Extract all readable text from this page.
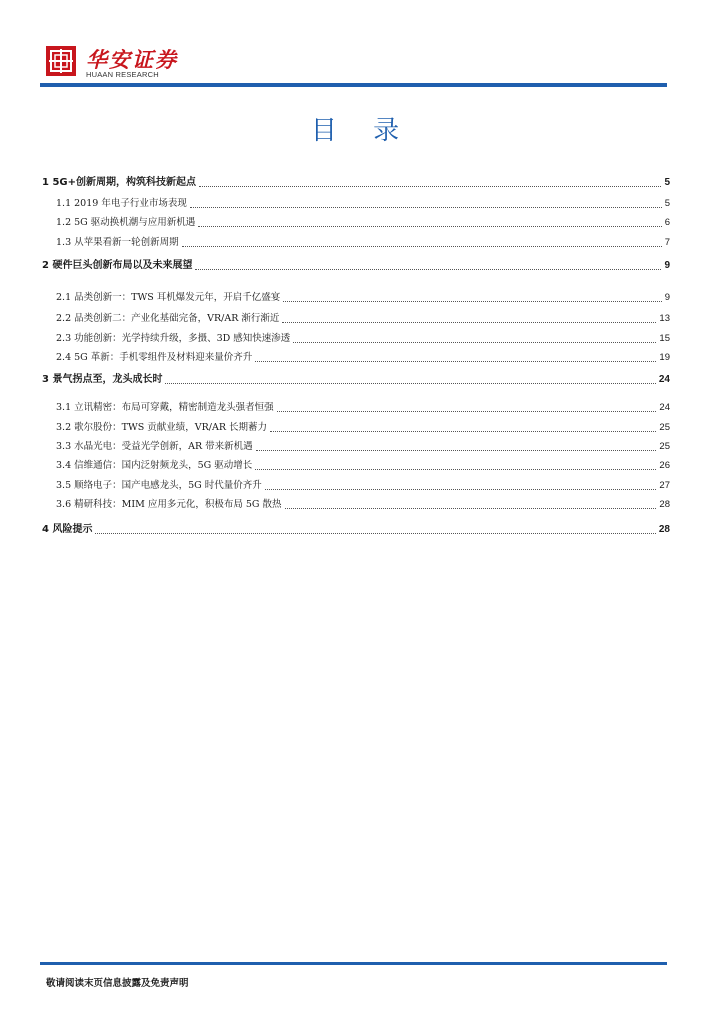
华安证券
HUAAN RESEARCH
目 录
1 5G+创新周期，构筑科技新起点	5
1.1 2019 年电子行业市场表现	5
1.2 5G 驱动换机潮与应用新机遇	6
1.3 从苹果看新一轮创新周期	7
2 硬件巨头创新布局以及未来展望	9
2.1 品类创新一：TWS 耳机爆发元年，开启千亿盛宴	9
2.2 品类创新二：产业化基础完备，VR/AR 渐行渐近	13
2.3 功能创新：光学持续升级，多摄、3D 感知快速渗透	15
2.4 5G 革新：手机零组件及材料迎来量价齐升	19
3 景气拐点至，龙头成长时	24
3.1 立讯精密：布局可穿戴，精密制造龙头强者恒强	24
3.2 歌尔股份：TWS 贡献业绩，VR/AR 长期蓄力	25
3.3 水晶光电：受益光学创新，AR 带来新机遇	25
3.4 信维通信：国内泛射频龙头，5G 驱动增长	26
3.5 顺络电子：国产电感龙头，5G 时代量价齐升	27
3.6 精研科技：MIM 应用多元化，积极布局 5G 散热	28
4 风险提示	28
敬请阅读末页信息披露及免责声明
